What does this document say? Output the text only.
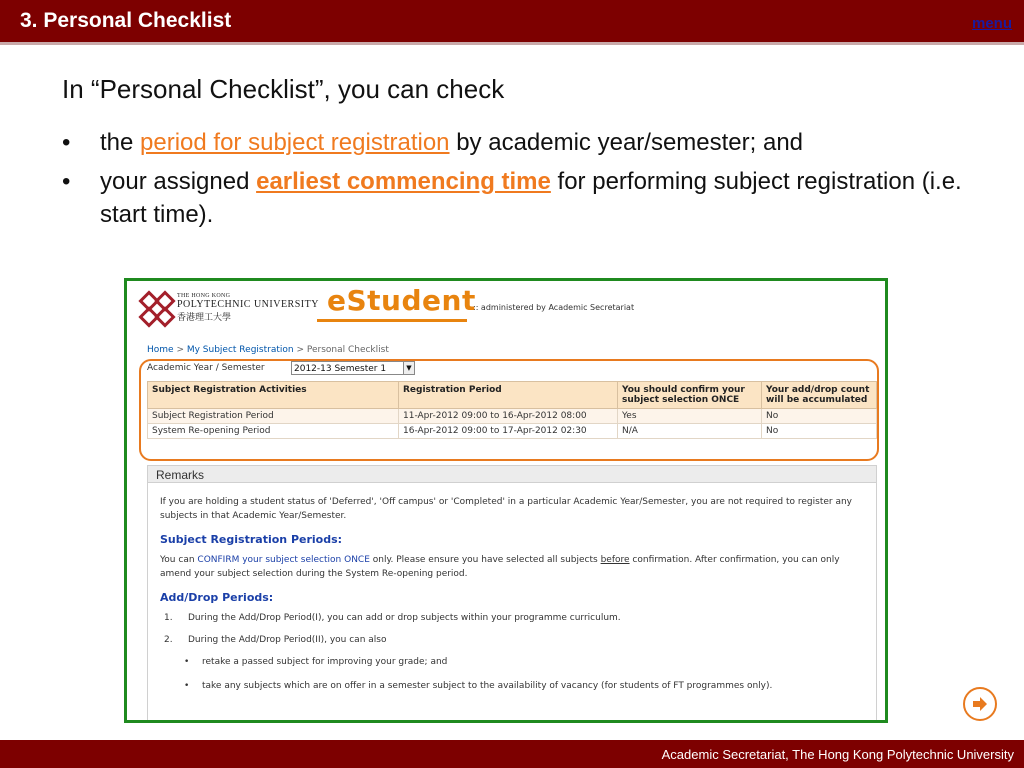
3. Personal Checklist	menu
In “Personal Checklist”, you can check
• the period for subject registration by academic year/semester; and
• your assigned earliest commencing time for performing subject registration (i.e. start time).
THE HONG KONG
POLYTECHNIC UNIVERSITY
香港理工大學	eStudent
:: administered by Academic Secretariat
Home > My Subject Registration > Personal Checklist
Academic Year / Semester	2012-13 Semester 1	▼
Subject Registration Activities	Registration Period	You should confirm your subject selection ONCE	Your add/drop count will be accumulated
Subject Registration Period	11-Apr-2012 09:00 to 16-Apr-2012 08:00	Yes	No
System Re-opening Period	16-Apr-2012 09:00 to 17-Apr-2012 02:30	N/A	No
Remarks

If you are holding a student status of 'Deferred', 'Off campus' or 'Completed' in a particular Academic Year/Semester, you are not required to register any subjects in that Academic Year/Semester.

Subject Registration Periods:

You can CONFIRM your subject selection ONCE only. Please ensure you have selected all subjects before confirmation. After confirmation, you can only amend your subject selection during the System Re-opening period.

Add/Drop Periods:
1. During the Add/Drop Period(I), you can add or drop subjects within your programme curriculum.
2. During the Add/Drop Period(II), you can also
• retake a passed subject for improving your grade; and
• take any subjects which are on offer in a semester subject to the availability of vacancy (for students of FT programmes only).
Academic Secretariat, The Hong Kong Polytechnic University
